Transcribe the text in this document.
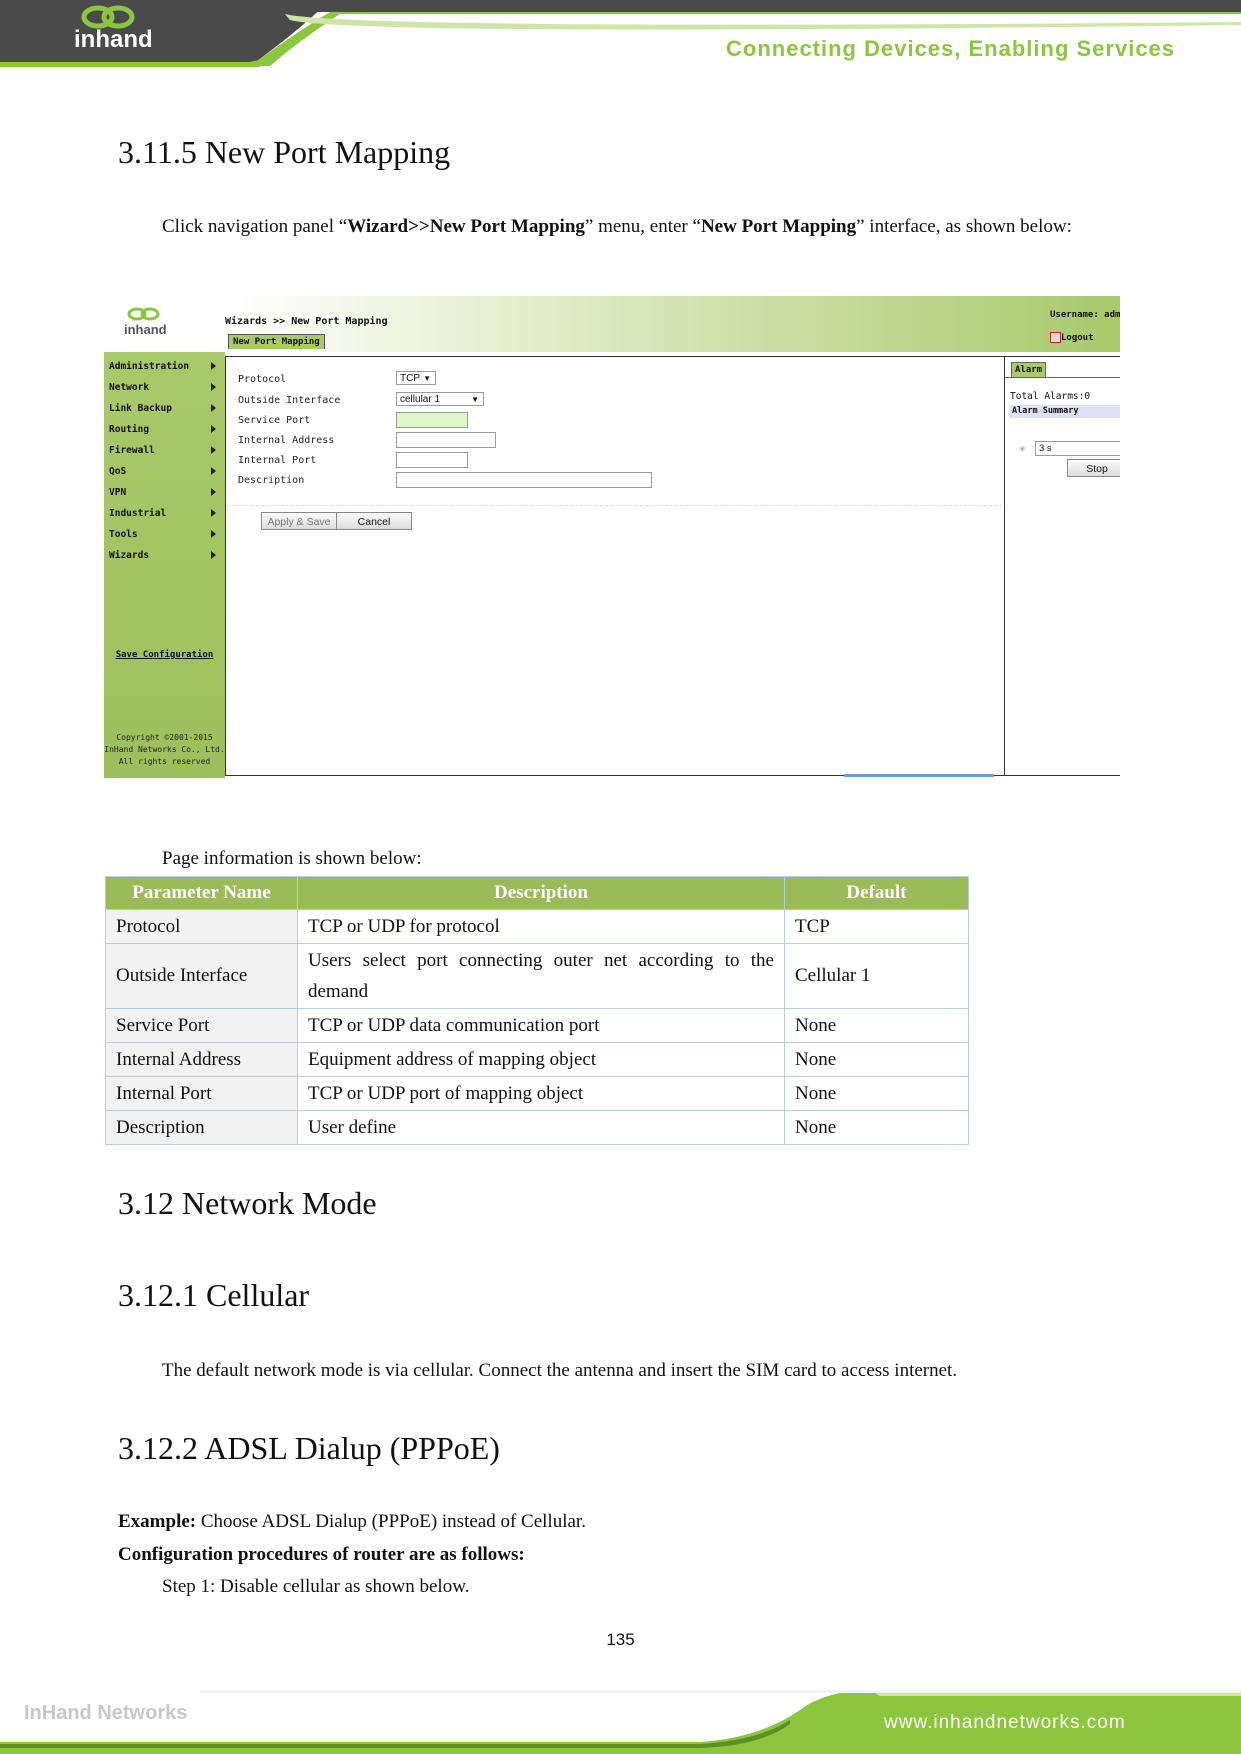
inhand	Connecting Devices, Enabling Services
3.11.5 New Port Mapping

Click navigation panel “Wizard>>New Port Mapping” menu, enter “New Port Mapping” interface, as shown below:

inhand
Wizards >> New Port Mapping
New Port Mapping
Username: adm
Logout
Administration
Network
Link Backup
Routing
Firewall
QoS
VPN
Industrial
Tools
Wizards
Save Configuration
Copyright ©2001-2015
InHand Networks Co., Ltd.
All rights reserved
Protocol	TCP ▼
Outside Interface	cellular 1	▼
Service Port
Internal Address
Internal Port
Description
Apply & Save	Cancel
Alarm
Total Alarms:0
Alarm Summary
✳	3 s
Stop

Page information is shown below:

Parameter Name	Description	Default
Protocol	TCP or UDP for protocol	TCP
Outside Interface	Users select port connecting outer net according to the demand	Cellular 1
Service Port	TCP or UDP data communication port	None
Internal Address	Equipment address of mapping object	None
Internal Port	TCP or UDP port of mapping object	None
Description	User define	None
3.12 Network Mode
3.12.1 Cellular

The default network mode is via cellular. Connect the antenna and insert the SIM card to access internet.

3.12.2 ADSL Dialup (PPPoE)

Example: Choose ADSL Dialup (PPPoE) instead of Cellular.

Configuration procedures of router are as follows:

Step 1: Disable cellular as shown below.

135
InHand Networks	www.inhandnetworks.com
